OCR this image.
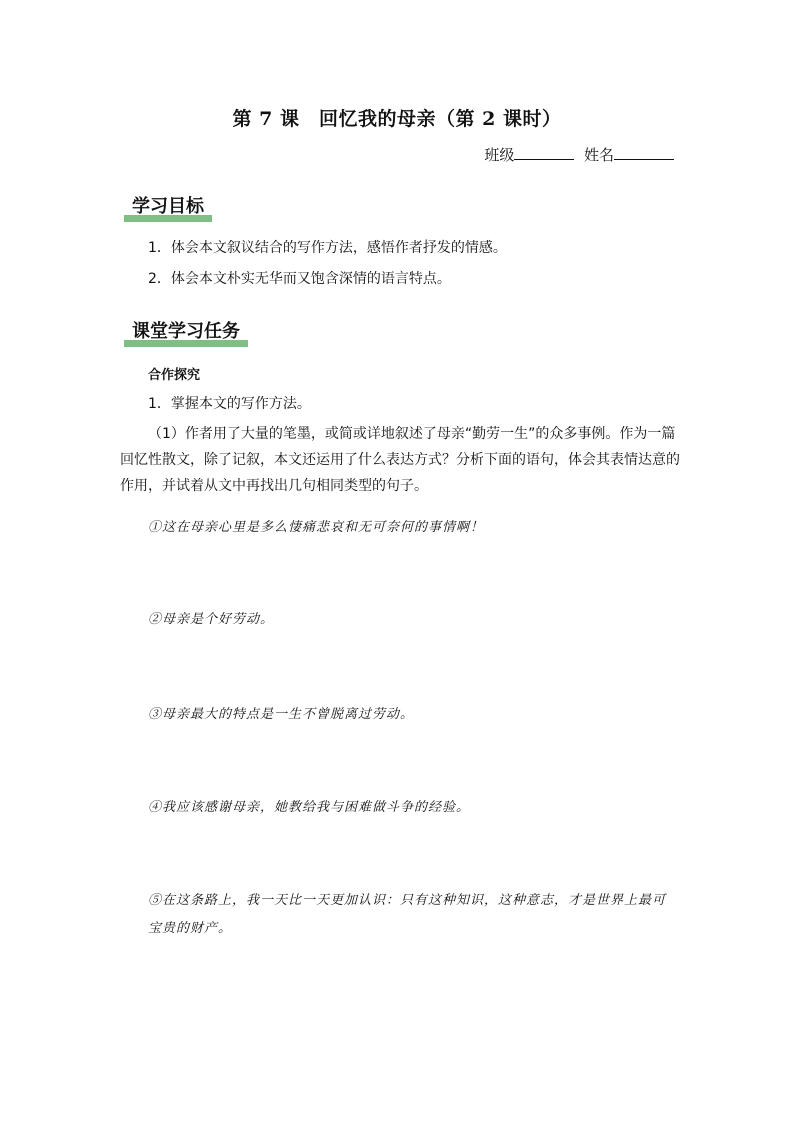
第 7 课　回忆我的母亲（第 2 课时）
班级	姓名
学习目标
1．体会本文叙议结合的写作方法，感悟作者抒发的情感。
2．体会本文朴实无华而又饱含深情的语言特点。
课堂学习任务
合作探究
1．掌握本文的写作方法。
（1）作者用了大量的笔墨，或简或详地叙述了母亲“勤劳一生”的众多事例。作为一篇回忆性散文，除了记叙，本文还运用了什么表达方式？分析下面的语句，体会其表情达意的作用，并试着从文中再找出几句相同类型的句子。
①这在母亲心里是多么悽痛悲哀和无可奈何的事情啊！
②母亲是个好劳动。
③母亲最大的特点是一生不曾脱离过劳动。
④我应该感谢母亲，她教给我与困难做斗争的经验。
⑤在这条路上，我一天比一天更加认识：只有这种知识，这种意志，才是世界上最可宝贵的财产。
